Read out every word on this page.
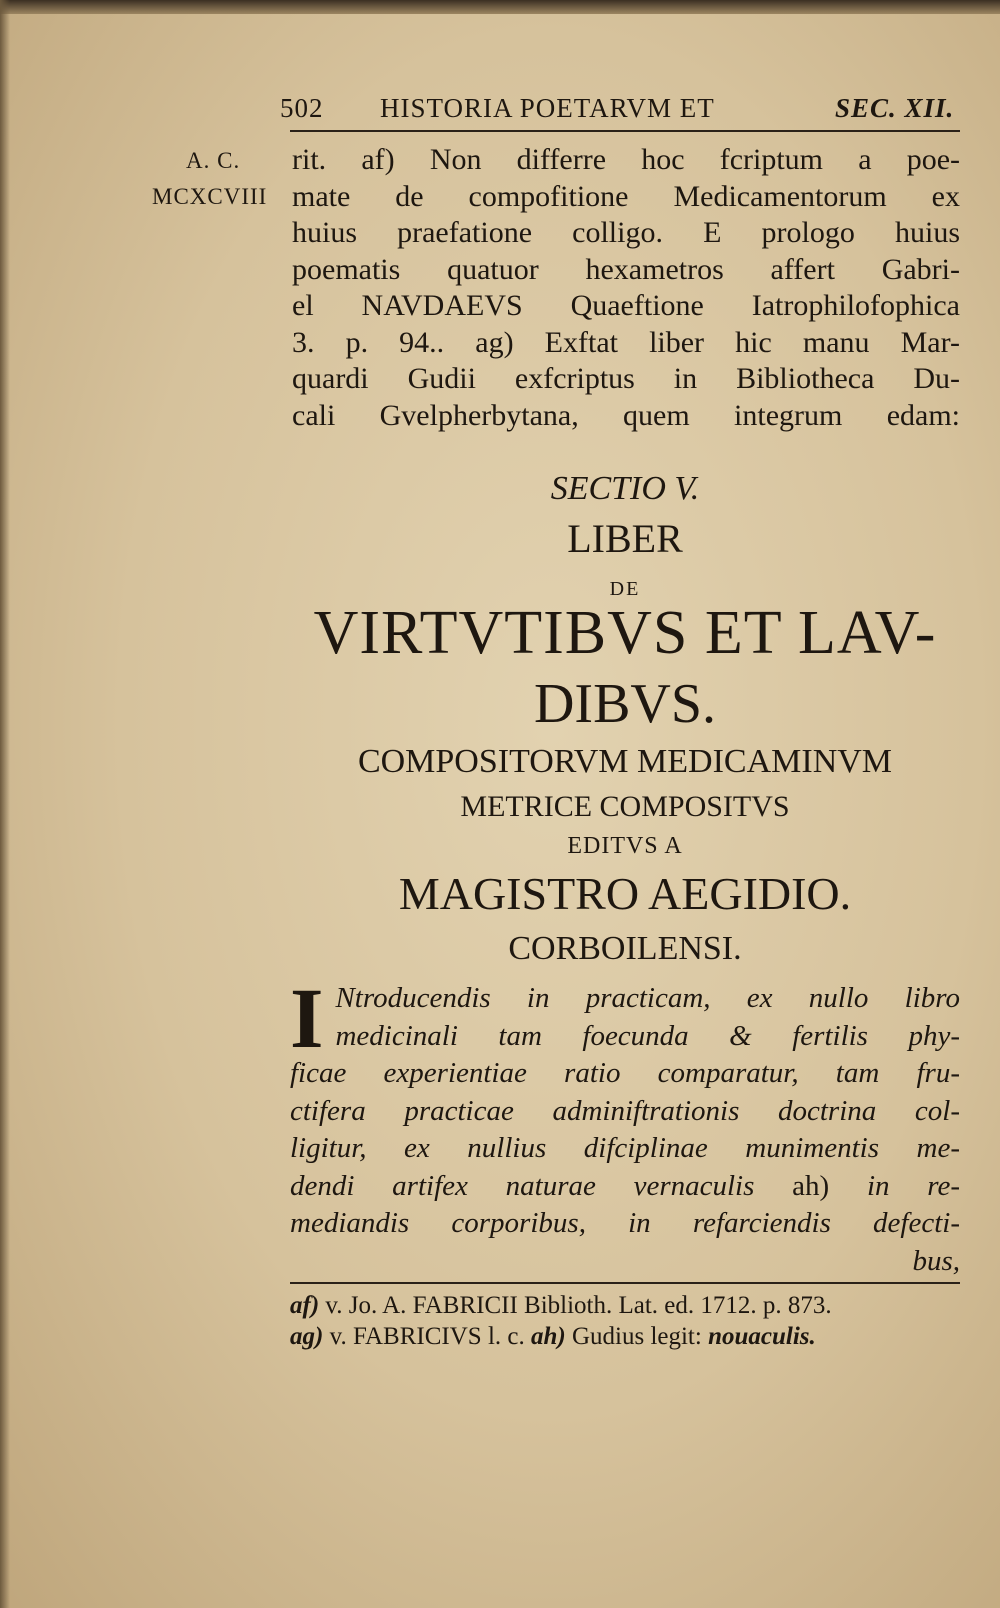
502 HISTORIA POETARVM ET	SEC. XII.
A. C.
MCXCVIII

rit. af) Non differre hoc fcriptum a poe-

mate de compofitione Medicamentorum ex

huius praefatione colligo. E prologo huius

poematis quatuor hexametros affert Gabri-

el NAVDAEVS Quaeftione Iatrophilofophica

3. p. 94.. ag) Exftat liber hic manu Mar-

quardi Gudii exfcriptus in Bibliotheca Du-

cali Gvelpherbytana, quem integrum edam:

SECTIO V.
LIBER
DE
VIRTVTIBVS ET LAV-
DIBVS.
COMPOSITORVM MEDICAMINVM
METRICE COMPOSITVS
EDITVS A
MAGISTRO AEGIDIO.
CORBOILENSI.
I Ntroducendis in practicam, ex nullo libro
medicinali tam foecunda & fertilis phy-
ficae experientiae ratio comparatur, tam fru-
ctifera practicae adminiftrationis doctrina col-
ligitur, ex nullius difciplinae munimentis me-
dendi artifex naturae vernaculis ah) in re-
mediandis corporibus, in refarciendis defecti-
bus,
af) v. Jo. A. FABRICII Biblioth. Lat. ed. 1712. p. 873.
ag) v. FABRICIVS l. c. ah) Gudius legit: nouaculis.
